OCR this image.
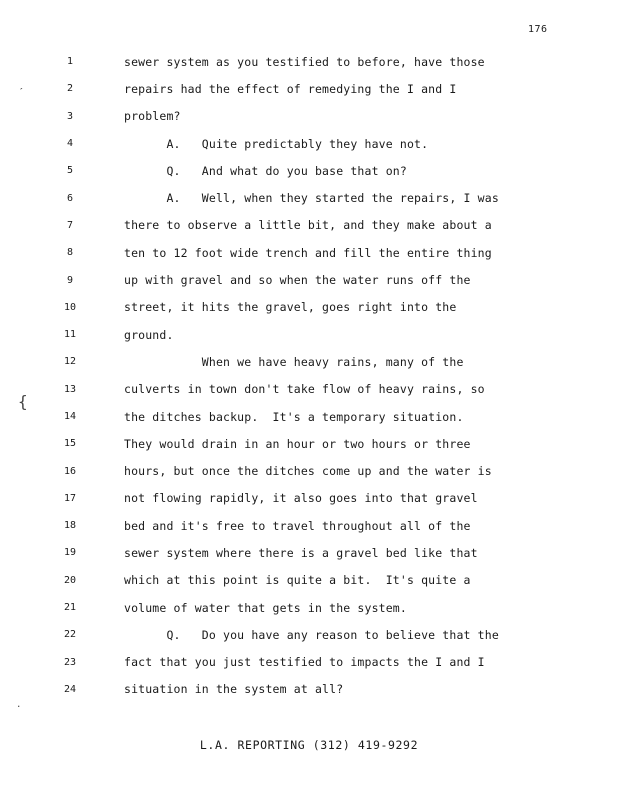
176
ˊ
{
.
1	sewer system as you testified to before, have those
2	repairs had the effect of remedying the I and I
3	problem?
4	A.   Quite predictably they have not.
5	Q.   And what do you base that on?
6	A.   Well, when they started the repairs, I was
7	there to observe a little bit, and they make about a
8	ten to 12 foot wide trench and fill the entire thing
9	up with gravel and so when the water runs off the
10	street, it hits the gravel, goes right into the
11	ground.
12	When we have heavy rains, many of the
13	culverts in town don't take flow of heavy rains, so
14	the ditches backup.  It's a temporary situation.
15	They would drain in an hour or two hours or three
16	hours, but once the ditches come up and the water is
17	not flowing rapidly, it also goes into that gravel
18	bed and it's free to travel throughout all of the
19	sewer system where there is a gravel bed like that
20	which at this point is quite a bit.  It's quite a
21	volume of water that gets in the system.
22	Q.   Do you have any reason to believe that the
23	fact that you just testified to impacts the I and I
24	situation in the system at all?
L.A. REPORTING (312) 419-9292
